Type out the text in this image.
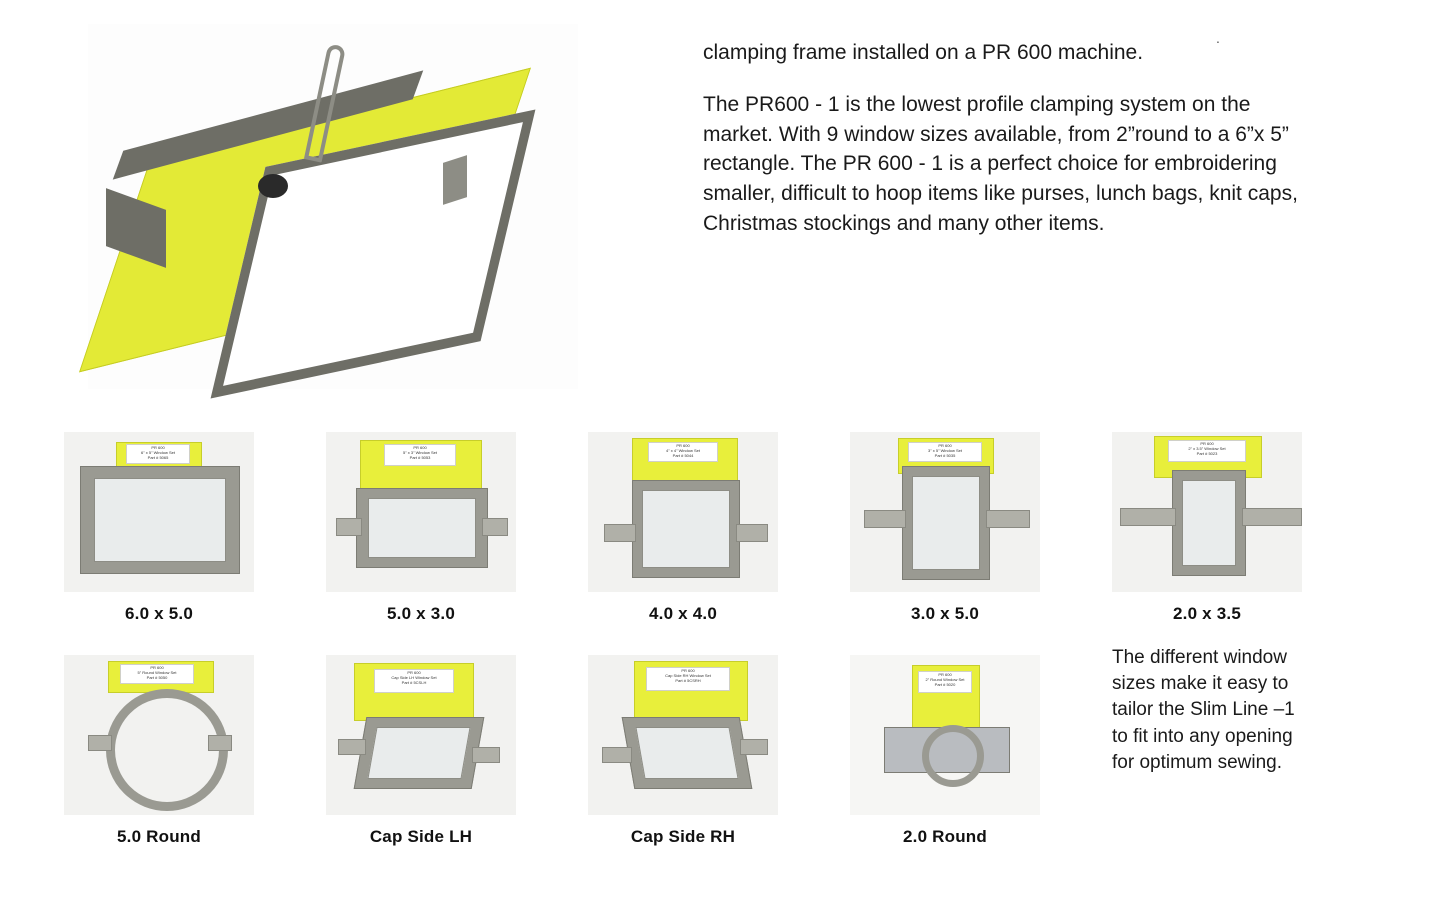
.

clamping frame installed on a PR 600 machine.

The PR600 - 1 is the lowest profile clamping system on the market. With 9 window sizes available, from 2”round to a 6”x 5” rectangle. The PR 600 - 1 is a perfect choice for embroidering smaller, difficult to hoop items like purses, lunch bags, knit caps, Christmas stockings and many other items.

PR 600
6" x 5" Window Set
Part # 5065
6.0 x 5.0
PR 600
5" x 3" Window Set
Part # 5053
5.0 x 3.0
PR 600
4" x 4" Window Set
Part # 5044
4.0 x 4.0
PR 600
3" x 5" Window Set
Part # 5035
3.0 x 5.0
PR 600
2" x 3.5" Window Set
Part # 5023
2.0 x 3.5
PR 600
5" Round Window Set
Part # 5050
5.0 Round
PR 600
Cap Side LH Window Set
Part # 5CSLH
Cap Side LH
PR 600
Cap Side RH Window Set
Part # 5CSRH
Cap Side RH
PR 600
2" Round Window Set
Part # 5020
2.0 Round
The different window sizes make it easy to tailor the Slim Line –1 to fit into any opening for optimum sewing.
